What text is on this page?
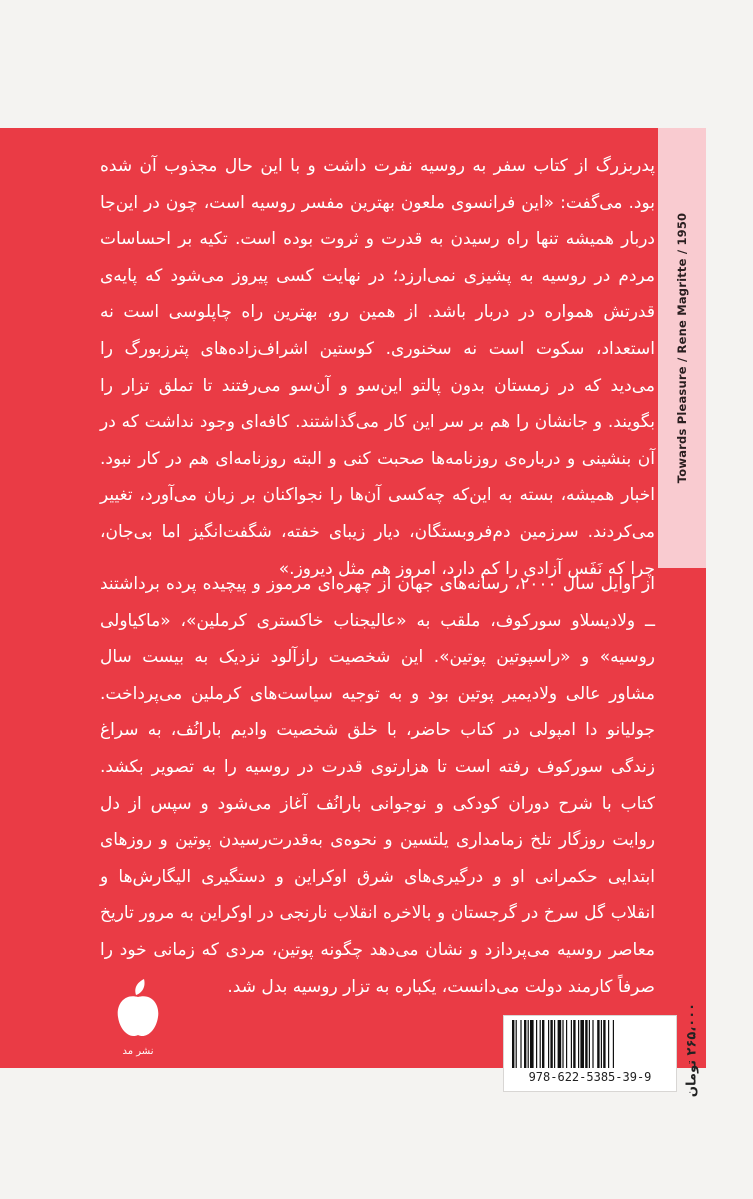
Towards Pleasure / Rene Magritte / 1950

پدربزرگ از کتاب سفر به روسیه نفرت داشت و با این حال مجذوب آن شده بود. می‌گفت: «این فرانسوی ملعون بهترین مفسر روسیه است، چون در این‌جا دربار همیشه تنها راه رسیدن به قدرت و ثروت بوده است. تکیه بر احساسات مردم در روسیه به پشیزی نمی‌ارزد؛ در نهایت کسی پیروز می‌شود که پایه‌ی قدرتش همواره در دربار باشد. از همین رو، بهترین راه چاپلوسی است نه استعداد، سکوت است نه سخنوری. کوستین اشراف‌زاده‌های پترزبورگ را می‌دید که در زمستان بدون پالتو این‌سو و آن‌سو می‌رفتند تا تملق تزار را بگویند. و جانشان را هم بر سر این کار می‌گذاشتند. کافه‌ای وجود نداشت که در آن بنشینی و درباره‌ی روزنامه‌ها صحبت کنی و البته روزنامه‌ای هم در کار نبود. اخبار همیشه، بسته به این‌که چه‌کسی آن‌ها را نجواکنان بر زبان می‌آورد، تغییر می‌کردند. سرزمین دم‌فروبستگان، دیار زیبای خفته، شگفت‌انگیز اما بی‌جان، چرا که نَفَس آزادی را کم دارد، امروز هم مثل دیروز.»

از اوایل سال ۲۰۰۰، رسانه‌های جهان از چهره‌ای مرموز و پیچیده پرده برداشتند ــ ولادیسلاو سورکوف، ملقب به «عالیجناب خاکستری کرملین»، «ماکیاولی روسیه» و «راسپوتین پوتین». این شخصیت رازآلود نزدیک به بیست سال مشاور عالی ولادیمیر پوتین بود و به توجیه سیاست‌های کرملین می‌پرداخت. جولیانو دا امپولی در کتاب حاضر، با خلق شخصیت وادیم بارانُف، به سراغ زندگی سورکوف رفته است تا هزارتوی قدرت در روسیه را به تصویر بکشد. کتاب با شرح دوران کودکی و نوجوانی بارانُف آغاز می‌شود و سپس از دل روایت روزگار تلخ زمامداری یلتسین و نحوه‌ی به‌قدرت‌رسیدن پوتین و روزهای ابتدایی حکمرانی او و درگیری‌های شرق اوکراین و دستگیری الیگارش‌ها و انقلاب گل سرخ در گرجستان و بالاخره انقلاب نارنجی در اوکراین به مرور تاریخ معاصر روسیه می‌پردازد و نشان می‌دهد چگونه پوتین، مردی که زمانی خود را صرفاً کارمند دولت می‌دانست، یکباره به تزار روسیه بدل شد.

نشر مد
978-622-5385-39-9	۲۶۵،۰۰۰ تومان
